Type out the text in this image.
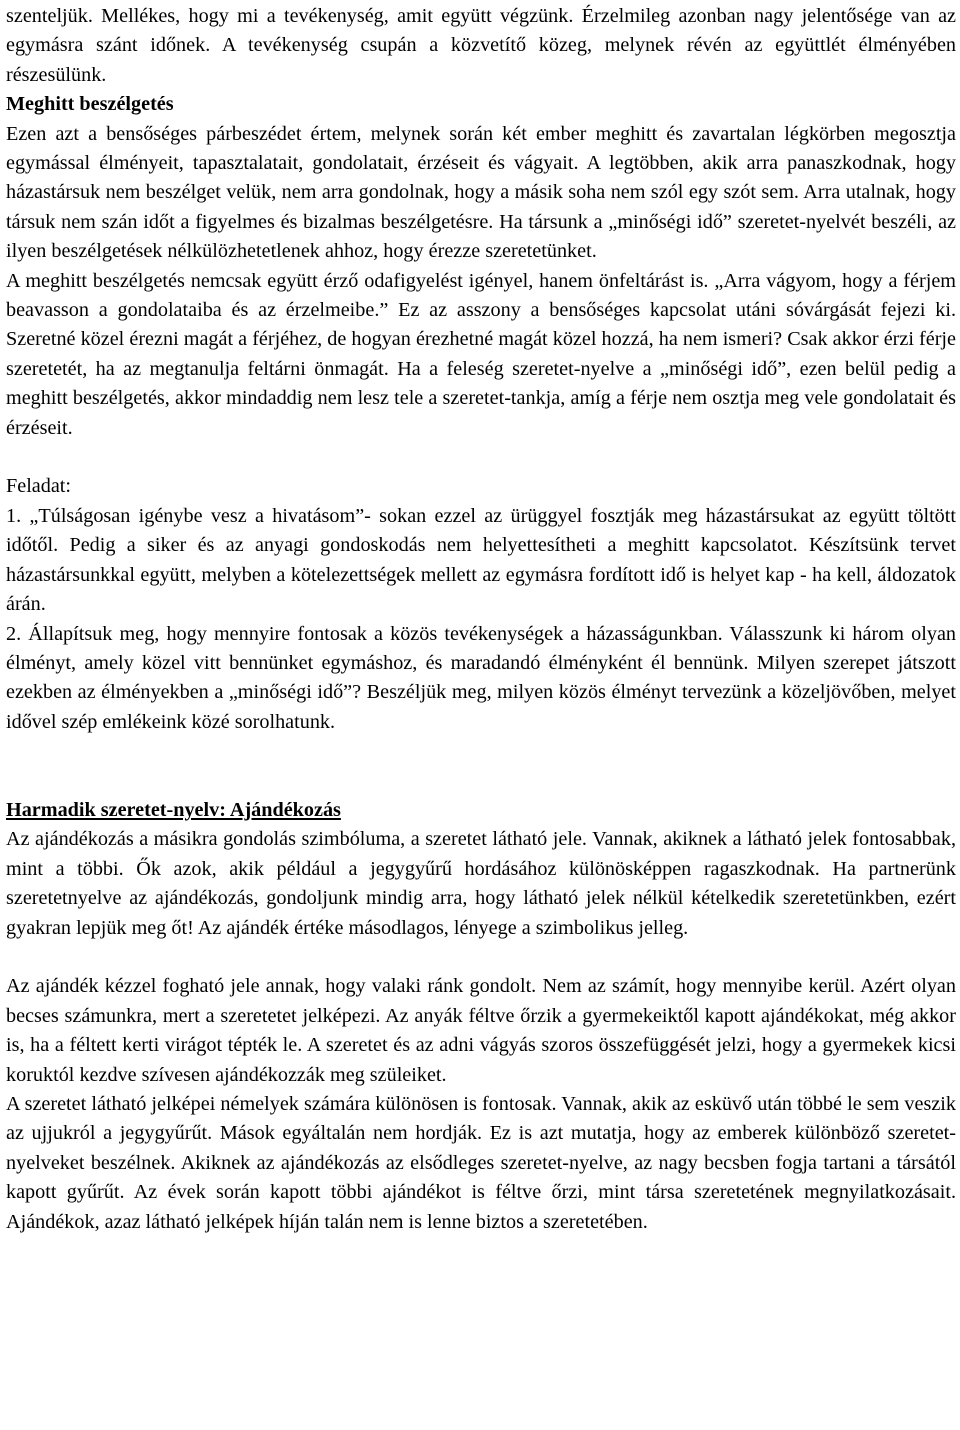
szenteljük. Mellékes, hogy mi a tevékenység, amit együtt végzünk. Érzelmileg azonban nagy jelentősége van az egymásra szánt időnek. A tevékenység csupán a közvetítő közeg, melynek révén az együttlét élményében részesülünk.

Meghitt beszélgetés

Ezen azt a bensőséges párbeszédet értem, melynek során két ember meghitt és zavartalan légkörben megosztja egymással élményeit, tapasztalatait, gondolatait, érzéseit és vágyait. A legtöbben, akik arra panaszkodnak, hogy házastársuk nem beszélget velük, nem arra gondolnak, hogy a másik soha nem szól egy szót sem. Arra utalnak, hogy társuk nem szán időt a figyelmes és bizalmas beszélgetésre. Ha társunk a „minőségi idő” szeretet-nyelvét beszéli, az ilyen beszélgetések nélkülözhetetlenek ahhoz, hogy érezze szeretetünket.

A meghitt beszélgetés nemcsak együtt érző odafigyelést igényel, hanem önfeltárást is. „Arra vágyom, hogy a férjem beavasson a gondolataiba és az érzelmeibe.” Ez az asszony a bensőséges kapcsolat utáni sóvárgását fejezi ki. Szeretné közel érezni magát a férjéhez, de hogyan érezhetné magát közel hozzá, ha nem ismeri? Csak akkor érzi férje szeretetét, ha az megtanulja feltárni önmagát. Ha a feleség szeretet-nyelve a „minőségi idő”, ezen belül pedig a meghitt beszélgetés, akkor mindaddig nem lesz tele a szeretet-tankja, amíg a férje nem osztja meg vele gondolatait és érzéseit.

Feladat:

1. „Túlságosan igénybe vesz a hivatásom”- sokan ezzel az ürüggyel fosztják meg házastársukat az együtt töltött időtől. Pedig a siker és az anyagi gondoskodás nem helyettesítheti a meghitt kapcsolatot. Készítsünk tervet házastársunkkal együtt, melyben a kötelezettségek mellett az egymásra fordított idő is helyet kap - ha kell, áldozatok árán.

2. Állapítsuk meg, hogy mennyire fontosak a közös tevékenységek a házasságunkban. Válasszunk ki három olyan élményt, amely közel vitt bennünket egymáshoz, és maradandó élményként él bennünk. Milyen szerepet játszott ezekben az élményekben a „minőségi idő”? Beszéljük meg, milyen közös élményt tervezünk a közeljövőben, melyet idővel szép emlékeink közé sorolhatunk.

Harmadik szeretet-nyelv: Ajándékozás

Az ajándékozás a másikra gondolás szimbóluma, a szeretet látható jele. Vannak, akiknek a látható jelek fontosabbak, mint a többi. Ők azok, akik például a jegygyűrű hordásához különösképpen ragaszkodnak. Ha partnerünk szeretetnyelve az ajándékozás, gondoljunk mindig arra, hogy látható jelek nélkül kételkedik szeretetünkben, ezért gyakran lepjük meg őt! Az ajándék értéke másodlagos, lényege a szimbolikus jelleg.

Az ajándék kézzel fogható jele annak, hogy valaki ránk gondolt. Nem az számít, hogy mennyibe kerül. Azért olyan becses számunkra, mert a szeretetet jelképezi. Az anyák féltve őrzik a gyermekeiktől kapott ajándékokat, még akkor is, ha a féltett kerti virágot tépték le. A szeretet és az adni vágyás szoros összefüggését jelzi, hogy a gyermekek kicsi koruktól kezdve szívesen ajándékozzák meg szüleiket.

A szeretet látható jelképei némelyek számára különösen is fontosak. Vannak, akik az esküvő után többé le sem veszik az ujjukról a jegygyűrűt. Mások egyáltalán nem hordják. Ez is azt mutatja, hogy az emberek különböző szeretet-nyelveket beszélnek. Akiknek az ajándékozás az elsődleges szeretet-nyelve, az nagy becsben fogja tartani a társától kapott gyűrűt. Az évek során kapott többi ajándékot is féltve őrzi, mint társa szeretetének megnyilatkozásait. Ajándékok, azaz látható jelképek híján talán nem is lenne biztos a szeretetében.
